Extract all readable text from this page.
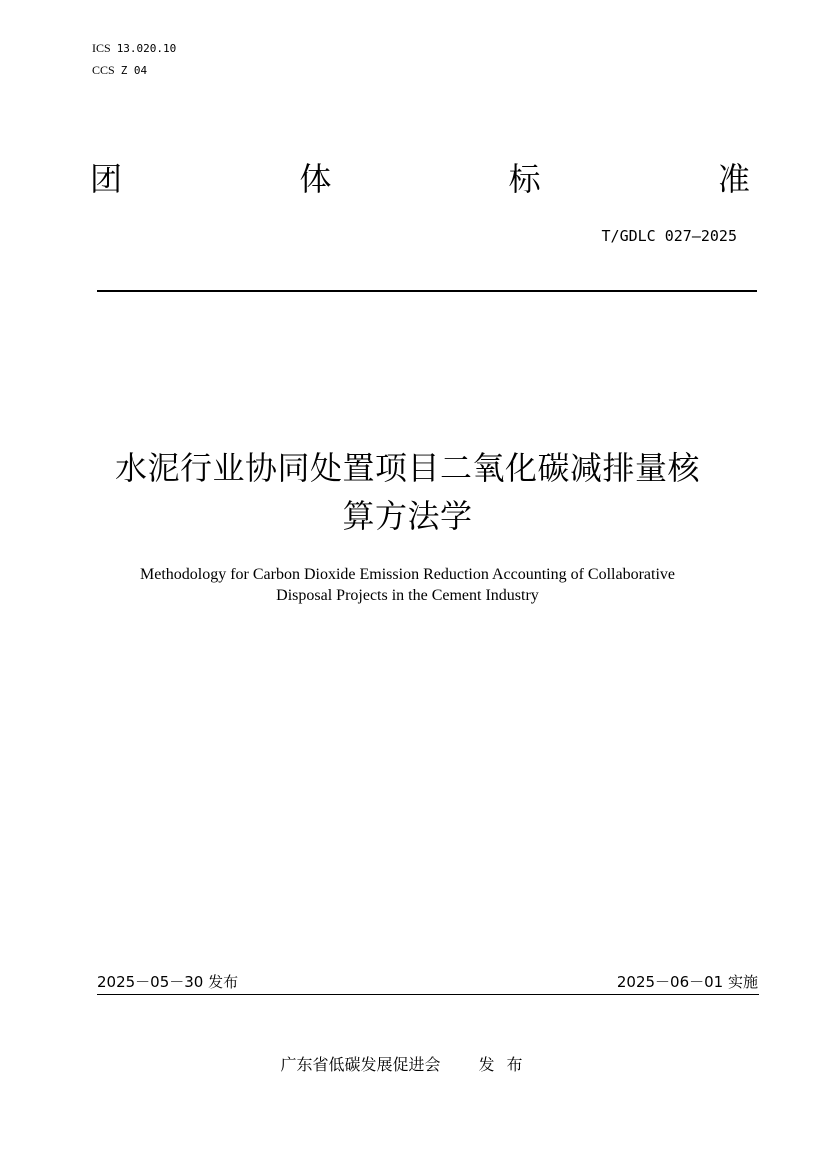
ICS 13.020.10
CCS Z 04
团	体	标	准
T/GDLC 027—2025
水泥行业协同处置项目二氧化碳减排量核
算方法学
Methodology for Carbon Dioxide Emission Reduction Accounting of Collaborative
Disposal Projects in the Cement Industry
2025－05－30 发布	2025－06－01 实施
广东省低碳发展促进会 发布
